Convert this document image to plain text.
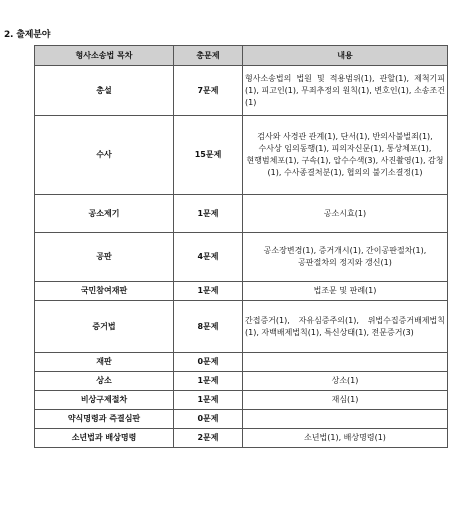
2. 출제분야
형사소송법 목차	총문제	내용
총설	7문제	형사소송법의 법원 및 적용범위(1), 관할(1), 제척기피(1), 피고인(1), 무죄추정의 원칙(1), 변호인(1), 소송조건(1)
수사	15문제	검사와 사경관 관계(1), 단서(1), 반의사불벌죄(1), 수사상 임의동행(1), 피의자신문(1), 통상체포(1), 현행범체포(1), 구속(1), 압수수색(3), 사진촬영(1), 감청(1), 수사종결처분(1), 협의의 불기소결정(1)
공소제기	1문제	공소시효(1)
공판	4문제	공소장변경(1), 증거개시(1), 간이공판절차(1), 공판절차의 정지와 갱신(1)
국민참여재판	1문제	법조문 및 판례(1)
증거법	8문제	간접증거(1), 자유심증주의(1), 위법수집증거배제법칙(1), 자백배제법칙(1), 특신상태(1), 전문증거(3)
재판	0문제	
상소	1문제	상소(1)
비상구제절차	1문제	재심(1)
약식명령과 즉결심판	0문제	
소년법과 배상명령	2문제	소년법(1), 배상명령(1)
